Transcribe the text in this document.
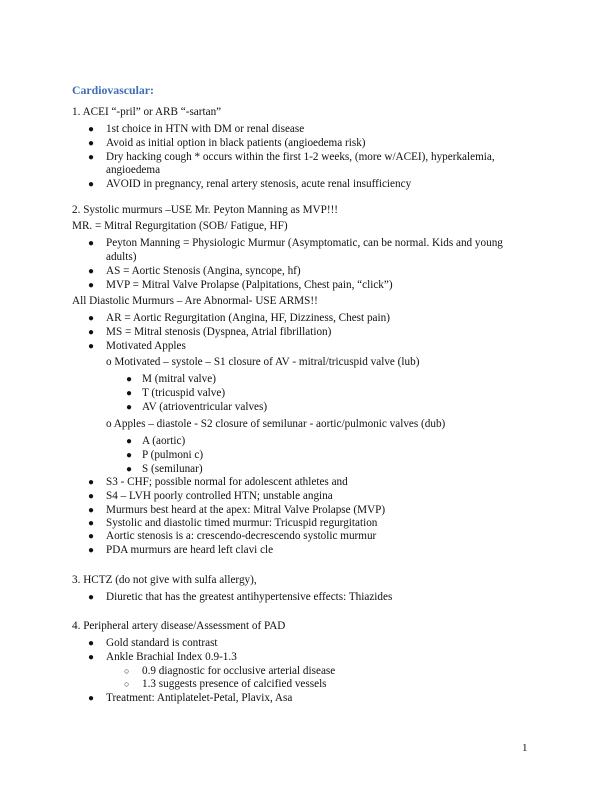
Cardiovascular:
1. ACEI “-pril” or ARB “-sartan”
● 1st choice in HTN with DM or renal disease
● Avoid as initial option in black patients (angioedema risk)
● Dry hacking cough * occurs within the first 1-2 weeks, (more w/ACEI), hyperkalemia,
angioedema
● AVOID in pregnancy, renal artery stenosis, acute renal insufficiency
2. Systolic murmurs –USE Mr. Peyton Manning as MVP!!!
MR. = Mitral Regurgitation (SOB/ Fatigue, HF)
● Peyton Manning = Physiologic Murmur (Asymptomatic, can be normal. Kids and young
adults)
● AS = Aortic Stenosis (Angina, syncope, hf)
● MVP = Mitral Valve Prolapse (Palpitations, Chest pain, “click”)
All Diastolic Murmurs – Are Abnormal- USE ARMS!!
● AR = Aortic Regurgitation (Angina, HF, Dizziness, Chest pain)
● MS = Mitral stenosis (Dyspnea, Atrial fibrillation)
● Motivated Apples
o Motivated – systole – S1 closure of AV - mitral/tricuspid valve (lub)
● M (mitral valve)
● T (tricuspid valve)
● AV (atrioventricular valves)
o Apples – diastole - S2 closure of semilunar - aortic/pulmonic valves (dub)
● A (aortic)
● P (pulmoni c)
● S (semilunar)
● S3 - CHF; possible normal for adolescent athletes and
● S4 – LVH poorly controlled HTN; unstable angina
● Murmurs best heard at the apex: Mitral Valve Prolapse (MVP)
● Systolic and diastolic timed murmur: Tricuspid regurgitation
● Aortic stenosis is a: crescendo-decrescendo systolic murmur
● PDA murmurs are heard left clavi cle
3. HCTZ (do not give with sulfa allergy),
● Diuretic that has the greatest antihypertensive effects: Thiazides
4. Peripheral artery disease/Assessment of PAD
● Gold standard is contrast
● Ankle Brachial Index 0.9-1.3
○ 0.9 diagnostic for occlusive arterial disease
○ 1.3 suggests presence of calcified vessels
● Treatment: Antiplatelet-Petal, Plavix, Asa
1
